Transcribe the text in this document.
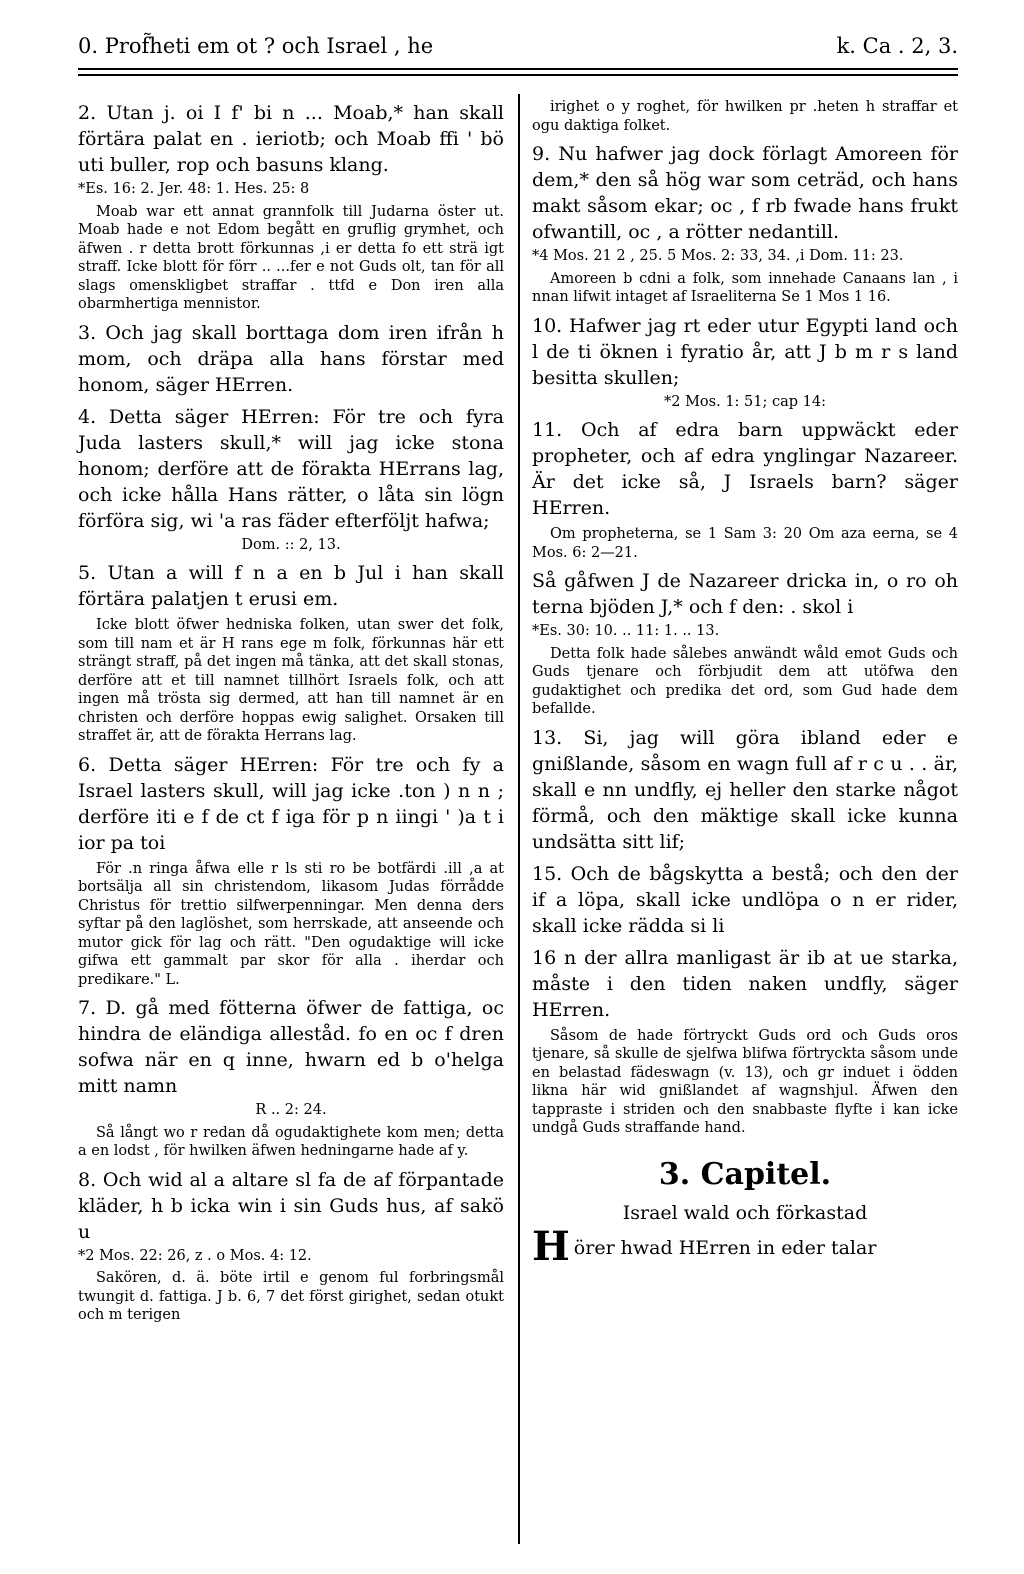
0. Prof̃heti em ot ? och Israel , he	k. Ca . 2, 3.

2. Utan j. oi I f' bi n ... Moab,* han skall förtära palat en . ieriotb; och Moab ffi ' bö uti buller, rop och basuns klang.

*Es. 16: 2. Jer. 48: 1. Hes. 25: 8

Moab war ett annat grannfolk till Judarna öster ut. Moab hade e not Edom begått en gruflig grymhet, och äfwen . r detta brott förkunnas ,i er detta fo ett strä igt straff. Icke blott för förr .. ...fer e not Guds olt, tan för all slags omenskligbet straffar . ttfd e Don iren alla obarmhertiga mennistor.

3. Och jag skall borttaga dom iren ifrån h mom, och dräpa alla hans förstar med honom, säger HErren.

4. Detta säger HErren: För tre och fyra Juda lasters skull,* will jag icke stona honom; derföre att de förakta HErrans lag, och icke hålla Hans rätter, o låta sin lögn förföra sig, wi 'a ras fäder efterföljt hafwa;

Dom. :: 2, 13.

5. Utan a will f n a en b Jul i han skall förtära palatjen t erusi em.

Icke blott öfwer hedniska folken, utan swer det folk, som till nam et är H rans ege m folk, förkunnas här ett strängt straff, på det ingen må tänka, att det skall stonas, derföre att et till namnet tillhört Israels folk, och att ingen må trösta sig dermed, att han till namnet är en christen och derföre hoppas ewig salighet. Orsaken till straffet är, att de förakta Herrans lag.

6. Detta säger HErren: För tre och fy a Israel lasters skull, will jag icke .ton ) n n ; derföre iti e f de ct f iga för p n iingi ' )a t i ior pa toi

För .n ringa åfwa elle r ls sti ro be botfärdi .ill ,a at bortsälja all sin christendom, likasom Judas förrådde Christus för trettio silfwerpenningar. Men denna ders syftar på den laglöshet, som herrskade, att anseende och mutor gick för lag och rätt. "Den ogudaktige will icke gifwa ett gammalt par skor för alla . iherdar och predikare." L.

7. D. gå med fötterna öfwer de fattiga, oc hindra de eländiga alleståd. fo en oc f dren sofwa när en q inne, hwarn ed b o'helga mitt namn

R .. 2: 24.

Så långt wo r redan då ogudaktighete kom men; detta a en lodst , för hwilken äfwen hedningarne hade af y.

8. Och wid al a altare sl fa de af förpantade kläder, h b icka win i sin Guds hus, af sakö u

*2 Mos. 22: 26, z . o Mos. 4: 12.

Sakören, d. ä. böte irtil e genom ful forbringsmål twungit d. fattiga. J b. 6, 7 det först girighet, sedan otukt och m terigen

irighet o y roghet, för hwilken pr .heten h straffar et ogu daktiga folket.

9. Nu hafwer jag dock förlagt Amoreen för dem,* den så hög war som ceträd, och hans makt såsom ekar; oc , f rb fwade hans frukt ofwantill, oc , a rötter nedantill.

*4 Mos. 21 2 , 25. 5 Mos. 2: 33, 34. ,i Dom. 11: 23.

Amoreen b cdni a folk, som innehade Canaans lan , i nnan lifwit intaget af Israeliterna Se 1 Mos 1 16.

10. Hafwer jag rt eder utur Egypti land och l de ti öknen i fyratio år, att J b m r s land besitta skullen;

*2 Mos. 1: 51; cap 14:

11. Och af edra barn uppwäckt eder propheter, och af edra ynglingar Nazareer. Är det icke så, J Israels barn? säger HErren.

Om propheterna, se 1 Sam 3: 20 Om aza eerna, se 4 Mos. 6: 2—21.

Så gåfwen J de Nazareer dricka in, o ro oh terna bjöden J,* och f den: . skol i

*Es. 30: 10. .. 11: 1. .. 13.

Detta folk hade sålebes anwändt wåld emot Guds och Guds tjenare och förbjudit dem att utöfwa den gudaktighet och predika det ord, som Gud hade dem befallde.

13. Si, jag will göra ibland eder e gnißlande, såsom en wagn full af r c u . . är, skall e nn undfly, ej heller den starke något förmå, och den mäktige skall icke kunna undsätta sitt lif;

15. Och de bågskytta a bestå; och den der if a löpa, skall icke undlöpa o n er rider, skall icke rädda si li

16 n der allra manligast är ib at ue starka, måste i den tiden naken undfly, säger HErren.

Såsom de hade förtryckt Guds ord och Guds oros tjenare, så skulle de sjelfwa blifwa förtryckta såsom unde en belastad fädeswagn (v. 13), och gr induet i ödden likna här wid gnißlandet af wagnshjul. Äfwen den tappraste i striden och den snabbaste flyfte i kan icke undgå Guds straffande hand.

3. Capitel.

Israel wald och förkastad

Hörer hwad HErren in eder talar
